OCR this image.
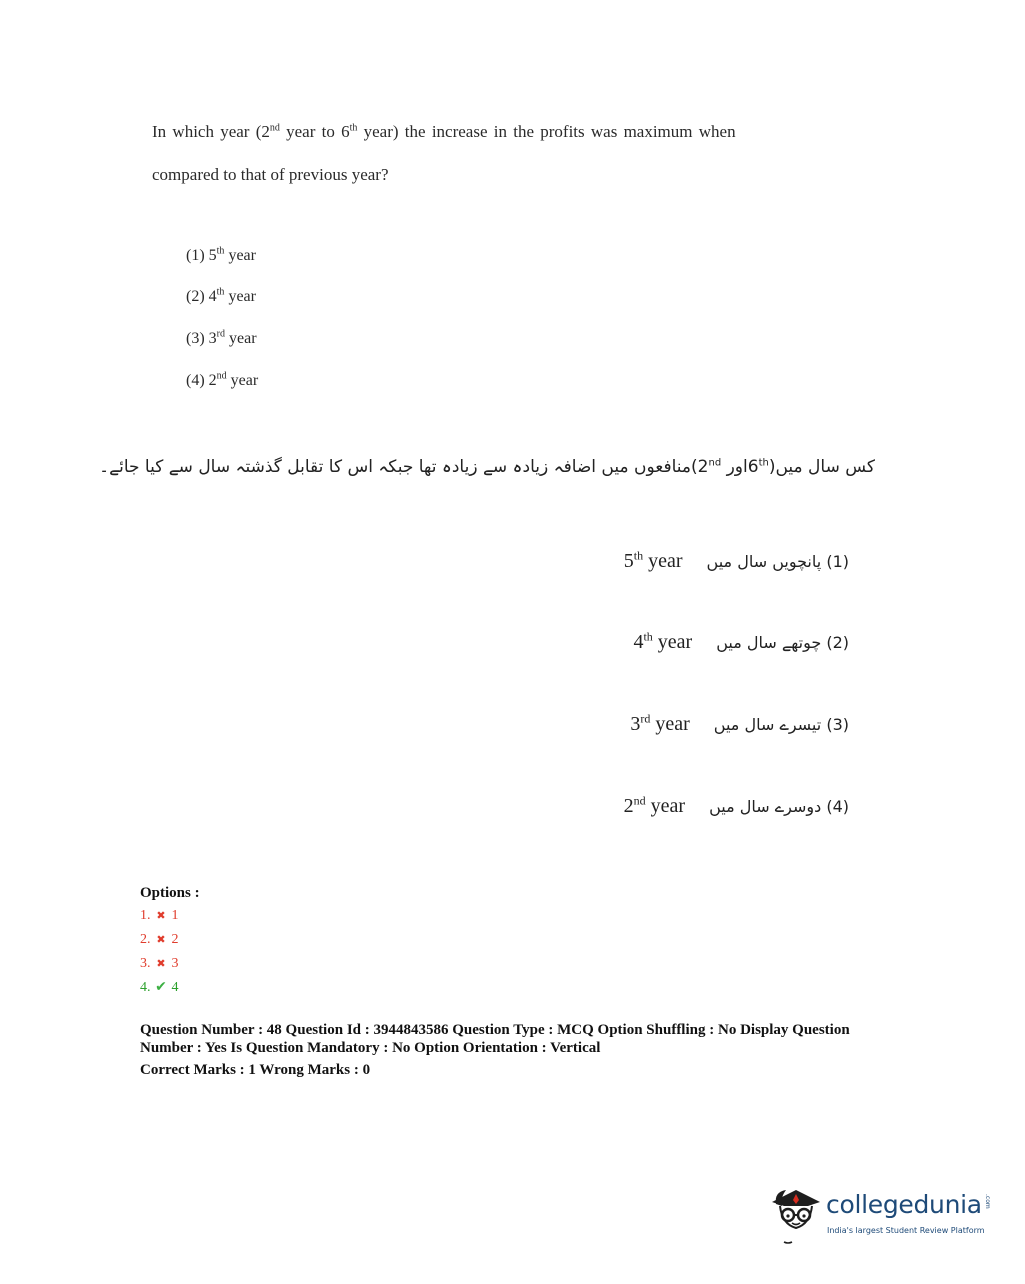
In which year (2nd year to 6th year) the increase in the profits was maximum when
compared to that of previous year?
(1) 5th year
(2) 4th year
(3) 3rd year
(4) 2nd year
کس سال میں(6thاور 2nd)منافعوں میں اضافہ زیادہ سے زیادہ تھا جبکہ اس کا تقابل گذشتہ سال سے کیا جائے۔
(1) پانچویں سال میں5th year
(2) چوتھے سال میں4th year
(3) تیسرے سال میں3rd year
(4) دوسرے سال میں2nd year
Options :
1. ✖ 1
2. ✖ 2
3. ✖ 3
4. ✔ 4
Question Number : 48 Question Id : 3944843586 Question Type : MCQ Option Shuffling : No Display Question
Number : Yes Is Question Mandatory : No Option Orientation : Vertical
Correct Marks : 1 Wrong Marks : 0
collegedunia .com
India's largest Student Review Platform
